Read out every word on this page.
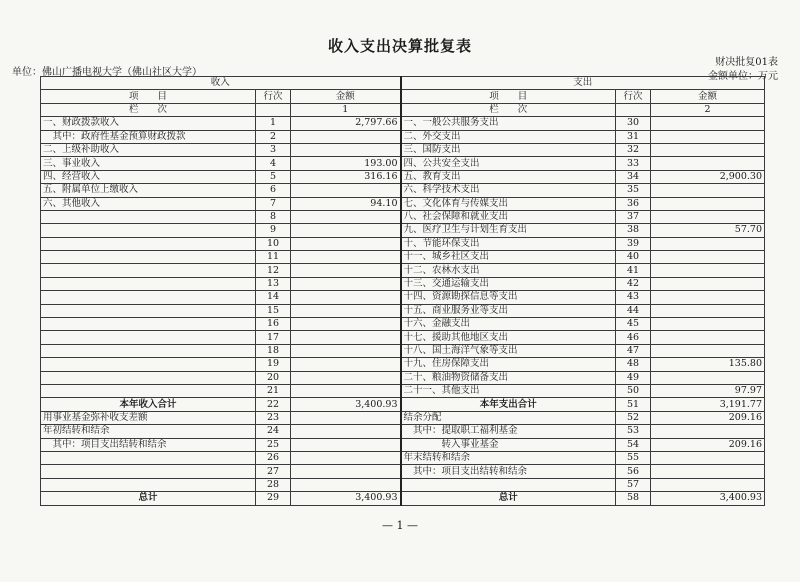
收入支出决算批复表
财决批复01表
金额单位：万元
单位：佛山广播电视大学（佛山社区大学）
收入			支出		
项　　目	行次	金额	项　　目	行次	金额
栏　　次		1	栏　　次		2
一、财政拨款收入	1	2,797.66	一、一般公共服务支出	30	
　其中：政府性基金预算财政拨款	2		二、外交支出	31	
二、上级补助收入	3		三、国防支出	32	
三、事业收入	4	193.00	四、公共安全支出	33	
四、经营收入	5	316.16	五、教育支出	34	2,900.30
五、附属单位上缴收入	6		六、科学技术支出	35	
六、其他收入	7	94.10	七、文化体育与传媒支出	36	
	8		八、社会保障和就业支出	37	
	9		九、医疗卫生与计划生育支出	38	57.70
	10		十、节能环保支出	39	
	11		十一、城乡社区支出	40	
	12		十二、农林水支出	41	
	13		十三、交通运输支出	42	
	14		十四、资源勘探信息等支出	43	
	15		十五、商业服务业等支出	44	
	16		十六、金融支出	45	
	17		十七、援助其他地区支出	46	
	18		十八、国土海洋气象等支出	47	
	19		十九、住房保障支出	48	135.80
	20		二十、粮油物资储备支出	49	
	21		二十一、其他支出	50	97.97
本年收入合计	22	3,400.93	本年支出合计	51	3,191.77
用事业基金弥补收支差额	23		结余分配	52	209.16
年初结转和结余	24		　其中：提取职工福利基金	53	
　其中：项目支出结转和结余	25		　　　　转入事业基金	54	209.16
	26		年末结转和结余	55	
	27		　其中：项目支出结转和结余	56	
	28			57	
总计	29	3,400.93	总计	58	3,400.93
— 1 —
